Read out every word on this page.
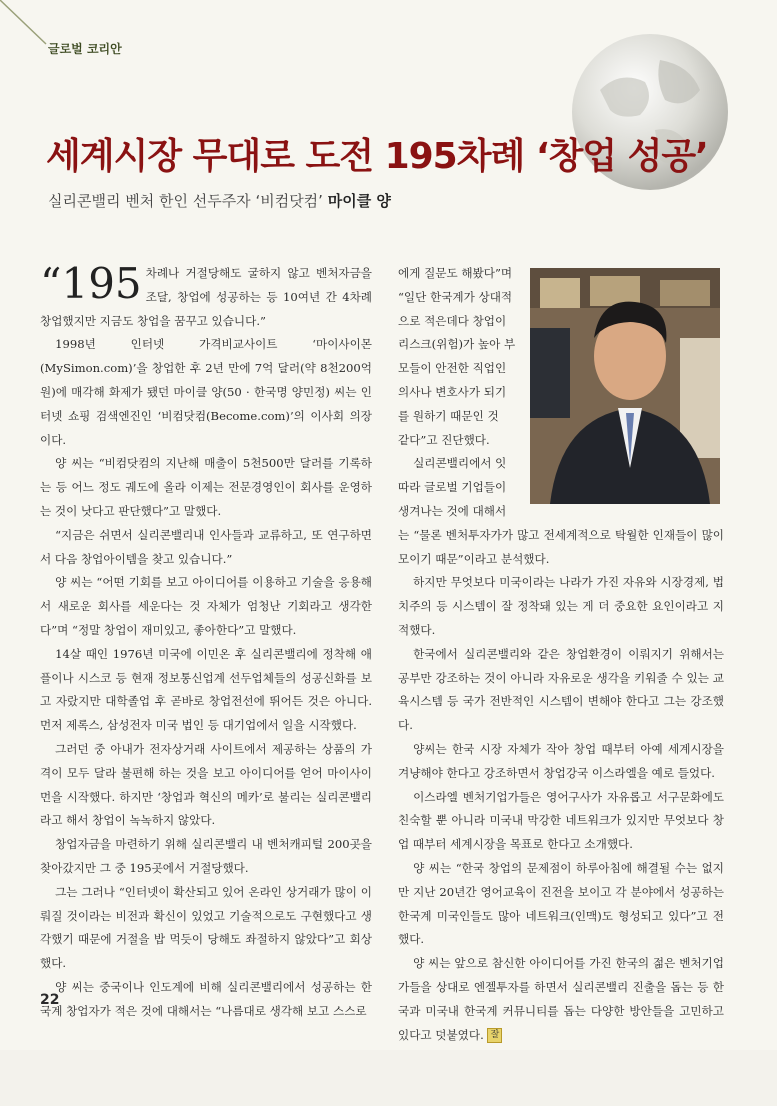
글로벌 코리안
세계시장 무대로 도전 195차례 ‘창업 성공’
실리콘밸리 벤처 한인 선두주자 ‘비컴닷컴’ 마이클 양

“195 차례나 거절당해도 굴하지 않고 벤처자금을 조달, 창업에 성공하는 등 10여년 간 4차례 창업했지만 지금도 창업을 꿈꾸고 있습니다.”

1998년 인터넷 가격비교사이트 ‘마이사이몬(MySimon.com)’을 창업한 후 2년 만에 7억 달러(약 8천200억 원)에 매각해 화제가 됐던 마이클 양(50 · 한국명 양민정) 씨는 인터넷 쇼핑 검색엔진인 ‘비컴닷컴(Become.com)’의 이사회 의장이다.

양 씨는 “비컴닷컴의 지난해 매출이 5천500만 달러를 기록하는 등 어느 정도 궤도에 올라 이제는 전문경영인이 회사를 운영하는 것이 낫다고 판단했다”고 말했다.

“지금은 쉬면서 실리콘밸리내 인사들과 교류하고, 또 연구하면서 다음 창업아이템을 찾고 있습니다.”

양 씨는 “어떤 기회를 보고 아이디어를 이용하고 기술을 응용해서 새로운 회사를 세운다는 것 자체가 엄청난 기회라고 생각한다”며 “정말 창업이 재미있고, 좋아한다”고 말했다.

14살 때인 1976년 미국에 이민온 후 실리콘밸리에 정착해 애플이나 시스코 등 현재 정보통신업계 선두업체들의 성공신화를 보고 자랐지만 대학졸업 후 곧바로 창업전선에 뛰어든 것은 아니다. 먼저 제록스, 삼성전자 미국 법인 등 대기업에서 일을 시작했다.

그러던 중 아내가 전자상거래 사이트에서 제공하는 상품의 가격이 모두 달라 불편해 하는 것을 보고 아이디어를 얻어 마이사이먼을 시작했다. 하지만 ‘창업과 혁신의 메카’로 불리는 실리콘밸리라고 해서 창업이 녹녹하지 않았다.

창업자금을 마련하기 위해 실리콘밸리 내 벤처캐피털 200곳을 찾아갔지만 그 중 195곳에서 거절당했다.

그는 그러나 “인터넷이 확산되고 있어 온라인 상거래가 많이 이뤄질 것이라는 비전과 확신이 있었고 기술적으로도 구현했다고 생각했기 때문에 거절을 밥 먹듯이 당해도 좌절하지 않았다”고 회상했다.

양 씨는 중국이나 인도계에 비해 실리콘밸리에서 성공하는 한국계 창업자가 적은 것에 대해서는 “나름대로 생각해 보고 스스로

에게 질문도 해봤다”며
“일단 한국계가 상대적
으로 적은데다 창업이
리스크(위험)가 높아 부
모들이 안전한 직업인
의사나 변호사가 되기
를 원하기 때문인 것
같다”고 진단했다.
실리콘밸리에서 잇
따라 글로벌 기업들이
생겨나는 것에 대해서

는 “물론 벤처투자가가 많고 전세계적으로 탁월한 인재들이 많이 모이기 때문”이라고 분석했다.

하지만 무엇보다 미국이라는 나라가 가진 자유와 시장경제, 법치주의 등 시스템이 잘 정착돼 있는 게 더 중요한 요인이라고 지적했다.

한국에서 실리콘밸리와 같은 창업환경이 이뤄지기 위해서는 공부만 강조하는 것이 아니라 자유로운 생각을 키워줄 수 있는 교육시스템 등 국가 전반적인 시스템이 변해야 한다고 그는 강조했다.

양씨는 한국 시장 자체가 작아 창업 때부터 아예 세계시장을 겨냥해야 한다고 강조하면서 창업강국 이스라엘을 예로 들었다.

이스라엘 벤처기업가들은 영어구사가 자유롭고 서구문화에도 친숙할 뿐 아니라 미국내 막강한 네트워크가 있지만 무엇보다 창업 때부터 세계시장을 목표로 한다고 소개했다.

양 씨는 “한국 창업의 문제점이 하루아침에 해결될 수는 없지만 지난 20년간 영어교육이 진전을 보이고 각 분야에서 성공하는 한국계 미국인들도 많아 네트워크(인맥)도 형성되고 있다”고 전했다.

양 씨는 앞으로 참신한 아이디어를 가진 한국의 젊은 벤처기업가들을 상대로 엔젤투자를 하면서 실리콘밸리 진출을 돕는 등 한국과 미국내 한국계 커뮤니티를 돕는 다양한 방안들을 고민하고 있다고 덧붙였다. 잘

22
